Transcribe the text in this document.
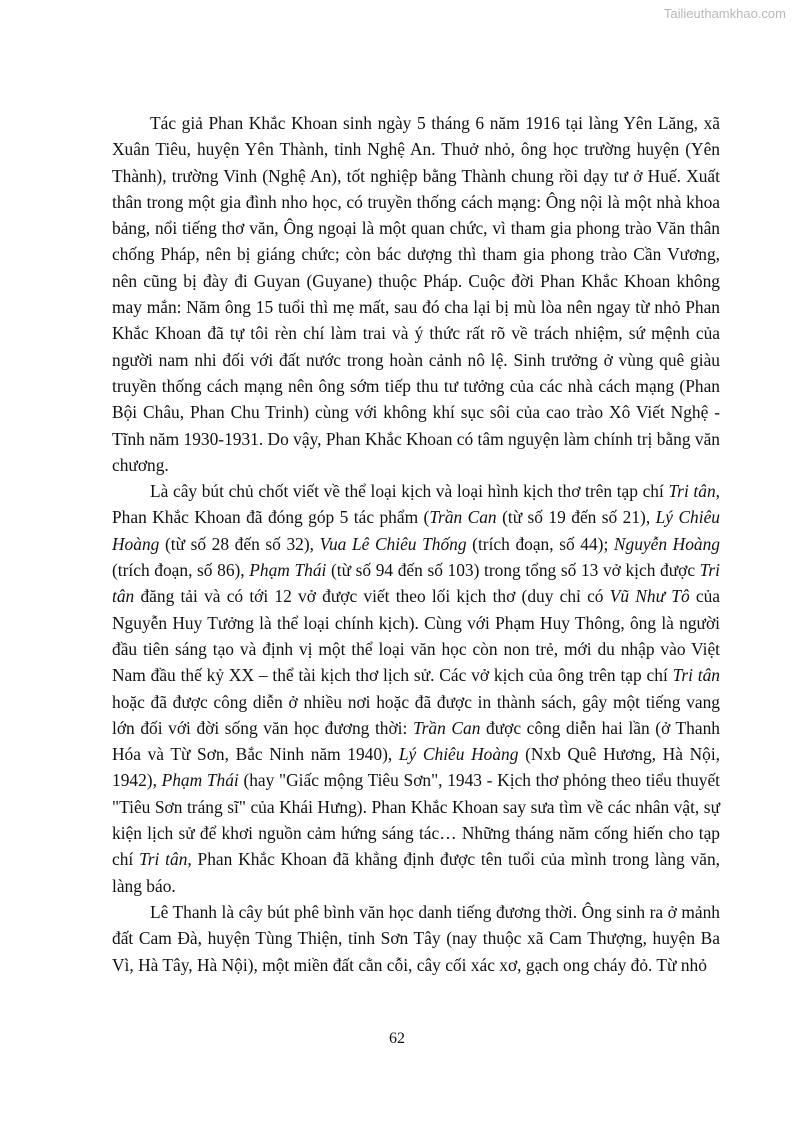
Tailieuthamkhao.com

Tác giả Phan Khắc Khoan sinh ngày 5 tháng 6 năm 1916 tại làng Yên Lăng, xã Xuân Tiêu, huyện Yên Thành, tỉnh Nghệ An. Thuở nhỏ, ông học trường huyện (Yên Thành), trường Vinh (Nghệ An), tốt nghiệp bằng Thành chung rồi dạy tư ở Huế. Xuất thân trong một gia đình nho học, có truyền thống cách mạng: Ông nội là một nhà khoa bảng, nổi tiếng thơ văn, Ông ngoại là một quan chức, vì tham gia phong trào Văn thân chống Pháp, nên bị giáng chức; còn bác dượng thì tham gia phong trào Cần Vương, nên cũng bị đày đi Guyan (Guyane) thuộc Pháp. Cuộc đời Phan Khắc Khoan không may mắn: Năm ông 15 tuổi thì mẹ mất, sau đó cha lại bị mù lòa nên ngay từ nhỏ Phan Khắc Khoan đã tự tôi rèn chí làm trai và ý thức rất rõ về trách nhiệm, sứ mệnh của người nam nhi đối với đất nước trong hoàn cảnh nô lệ. Sinh trưởng ở vùng quê giàu truyền thống cách mạng nên ông sớm tiếp thu tư tưởng của các nhà cách mạng (Phan Bội Châu, Phan Chu Trinh) cùng với không khí sục sôi của cao trào Xô Viết Nghệ - Tĩnh năm 1930-1931. Do vậy, Phan Khắc Khoan có tâm nguyện làm chính trị bằng văn chương.

Là cây bút chủ chốt viết về thể loại kịch và loại hình kịch thơ trên tạp chí Tri tân, Phan Khắc Khoan đã đóng góp 5 tác phẩm (Trần Can (từ số 19 đến số 21), Lý Chiêu Hoàng (từ số 28 đến số 32), Vua Lê Chiêu Thống (trích đoạn, số 44); Nguyễn Hoàng (trích đoạn, số 86), Phạm Thái (từ số 94 đến số 103) trong tổng số 13 vở kịch được Tri tân đăng tải và có tới 12 vở được viết theo lối kịch thơ (duy chỉ có Vũ Như Tô của Nguyễn Huy Tưởng là thể loại chính kịch). Cùng với Phạm Huy Thông, ông là người đầu tiên sáng tạo và định vị một thể loại văn học còn non trẻ, mới du nhập vào Việt Nam đầu thế kỷ XX – thể tài kịch thơ lịch sử. Các vở kịch của ông trên tạp chí Tri tân hoặc đã được công diễn ở nhiều nơi hoặc đã được in thành sách, gây một tiếng vang lớn đối với đời sống văn học đương thời: Trần Can được công diễn hai lần (ở Thanh Hóa và Từ Sơn, Bắc Ninh năm 1940), Lý Chiêu Hoàng (Nxb Quê Hương, Hà Nội, 1942), Phạm Thái (hay "Giấc mộng Tiêu Sơn", 1943 - Kịch thơ phỏng theo tiểu thuyết "Tiêu Sơn tráng sĩ" của Khái Hưng). Phan Khắc Khoan say sưa tìm về các nhân vật, sự kiện lịch sử để khơi nguồn cảm hứng sáng tác… Những tháng năm cống hiến cho tạp chí Tri tân, Phan Khắc Khoan đã khẳng định được tên tuổi của mình trong làng văn, làng báo.

Lê Thanh là cây bút phê bình văn học danh tiếng đương thời. Ông sinh ra ở mảnh đất Cam Đà, huyện Tùng Thiện, tỉnh Sơn Tây (nay thuộc xã Cam Thượng, huyện Ba Vì, Hà Tây, Hà Nội), một miền đất cằn cỗi, cây cối xác xơ, gạch ong cháy đỏ. Từ nhỏ

62
